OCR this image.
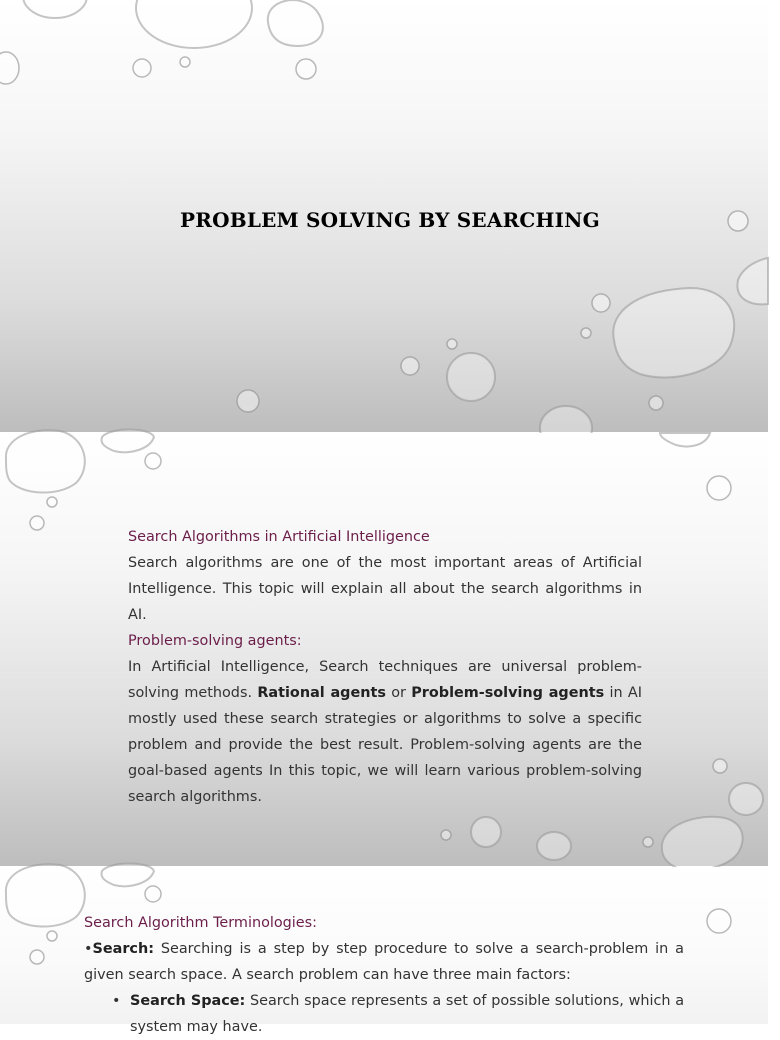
PROBLEM SOLVING BY SEARCHING
Search Algorithms in Artificial Intelligence
Search algorithms are one of the most important areas of Artificial Intelligence. This topic will explain all about the search algorithms in AI.
Problem-solving agents:
In Artificial Intelligence, Search techniques are universal problem-solving methods. Rational agents or Problem-solving agents in AI mostly used these search strategies or algorithms to solve a specific problem and provide the best result. Problem-solving agents are the goal-based agents In this topic, we will learn various problem-solving search algorithms.
Search Algorithm Terminologies:
•Search: Searching is a step by step procedure to solve a search-problem in a given search space. A search problem can have three main factors:
• Search Space: Search space represents a set of possible solutions, which a system may have.
